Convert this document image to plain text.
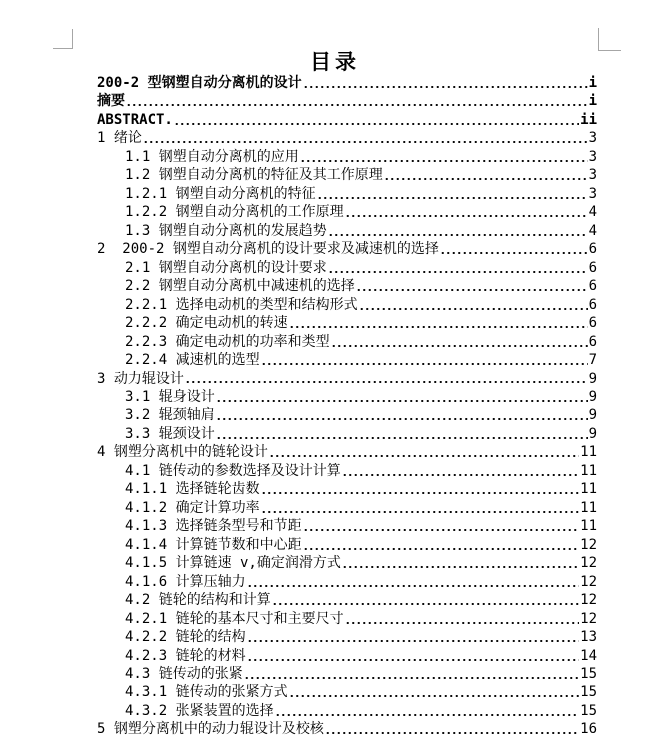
目录
200-2 型钢塑自动分离机的设计	i
摘要	i
ABSTRACT.	ii
1 绪论	3
1.1 钢塑自动分离机的应用	3
1.2 钢塑自动分离机的特征及其工作原理	3
1.2.1 钢塑自动分离机的特征	3
1.2.2 钢塑自动分离机的工作原理	4
1.3 钢塑自动分离机的发展趋势	4
2  200-2 钢塑自动分离机的设计要求及减速机的选择	6
2.1 钢塑自动分离机的设计要求	6
2.2 钢塑自动分离机中减速机的选择	6
2.2.1 选择电动机的类型和结构形式	6
2.2.2 确定电动机的转速	6
2.2.3 确定电动机的功率和类型	6
2.2.4 减速机的选型	7
3 动力辊设计	9
3.1 辊身设计	9
3.2 辊颈轴肩	9
3.3 辊颈设计	9
4 钢塑分离机中的链轮设计	11
4.1 链传动的参数选择及设计计算	11
4.1.1 选择链轮齿数	11
4.1.2 确定计算功率	11
4.1.3 选择链条型号和节距	11
4.1.4 计算链节数和中心距	12
4.1.5 计算链速 v,确定润滑方式	12
4.1.6 计算压轴力	12
4.2 链轮的结构和计算	12
4.2.1 链轮的基本尺寸和主要尺寸	12
4.2.2 链轮的结构	13
4.2.3 链轮的材料	14
4.3 链传动的张紧	15
4.3.1 链传动的张紧方式	15
4.3.2 张紧装置的选择	15
5 钢塑分离机中的动力辊设计及校核	16
